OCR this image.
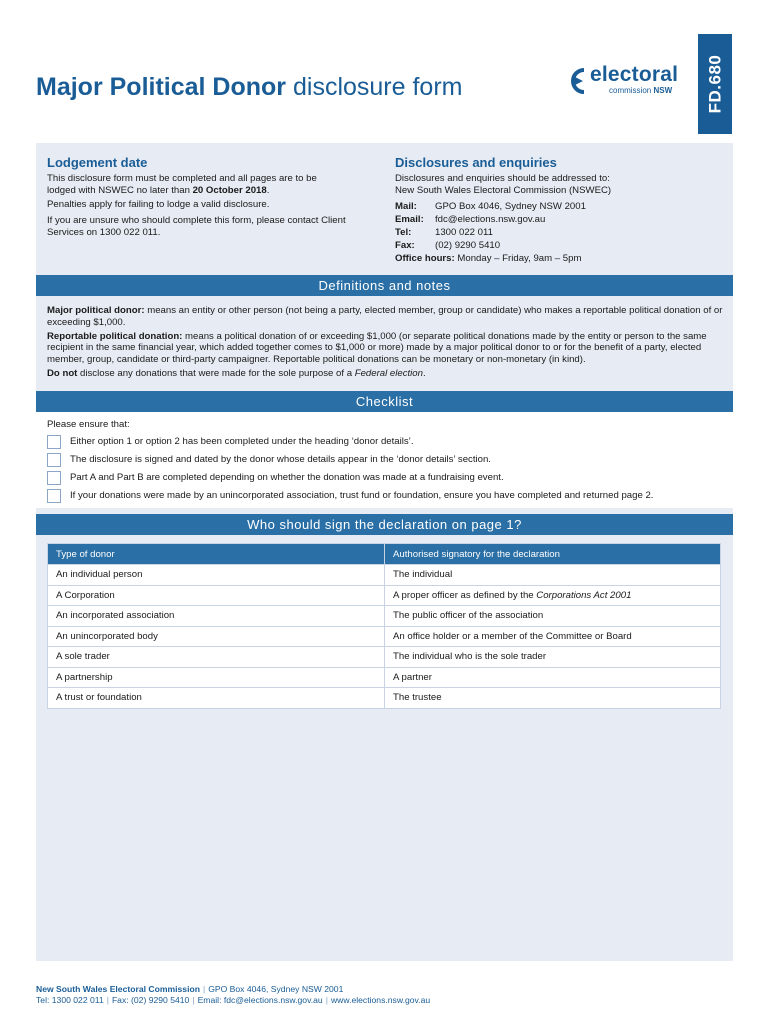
FD.680
Major Political Donor disclosure form	electoral
commission NSW
Lodgement date
This disclosure form must be completed and all pages are to be lodged with NSWEC no later than 20 October 2018.
Penalties apply for failing to lodge a valid disclosure.
If you are unsure who should complete this form, please contact Client Services on 1300 022 011.
Disclosures and enquiries
Disclosures and enquiries should be addressed to:
New South Wales Electoral Commission (NSWEC)
Mail: GPO Box 4046, Sydney NSW 2001
Email: fdc@elections.nsw.gov.au
Tel: 1300 022 011
Fax: (02) 9290 5410
Office hours: Monday – Friday, 9am – 5pm
Definitions and notes

Major political donor: means an entity or other person (not being a party, elected member, group or candidate) who makes a reportable political donation of or exceeding $1,000.

Reportable political donation: means a political donation of or exceeding $1,000 (or separate political donations made by the entity or person to the same recipient in the same financial year, which added together comes to $1,000 or more) made by a major political donor to or for the benefit of a party, elected member, group, candidate or third-party campaigner. Reportable political donations can be monetary or non-monetary (in kind).

Do not disclose any donations that were made for the sole purpose of a Federal election.

Checklist
Please ensure that:
Either option 1 or option 2 has been completed under the heading ‘donor details’.
The disclosure is signed and dated by the donor whose details appear in the ‘donor details’ section.
Part A and Part B are completed depending on whether the donation was made at a fundraising event.
If your donations were made by an unincorporated association, trust fund or foundation, ensure you have completed and returned page 2.
Who should sign the declaration on page 1?
Type of donor	Authorised signatory for the declaration
An individual person	The individual
A Corporation	A proper officer as defined by the Corporations Act 2001
An incorporated association	The public officer of the association
An unincorporated body	An office holder or a member of the Committee or Board
A sole trader	The individual who is the sole trader
A partnership	A partner
A trust or foundation	The trustee
New South Wales Electoral Commission | GPO Box 4046, Sydney NSW 2001
Tel: 1300 022 011 | Fax: (02) 9290 5410 | Email: fdc@elections.nsw.gov.au | www.elections.nsw.gov.au
